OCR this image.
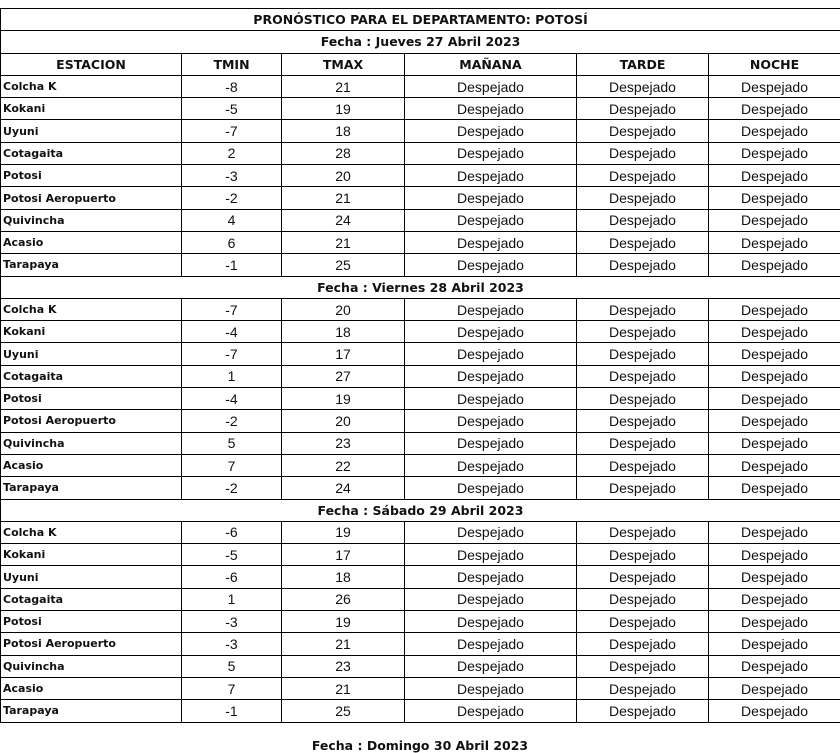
PRONÓSTICO PARA EL DEPARTAMENTO: POTOSÍ					
Fecha : Jueves 27 Abril 2023					
ESTACION	TMIN	TMAX	MAÑANA	TARDE	NOCHE
Colcha K	-8	21	Despejado	Despejado	Despejado
Kokani	-5	19	Despejado	Despejado	Despejado
Uyuni	-7	18	Despejado	Despejado	Despejado
Cotagaita	2	28	Despejado	Despejado	Despejado
Potosi	-3	20	Despejado	Despejado	Despejado
Potosi Aeropuerto	-2	21	Despejado	Despejado	Despejado
Quivincha	4	24	Despejado	Despejado	Despejado
Acasio	6	21	Despejado	Despejado	Despejado
Tarapaya	-1	25	Despejado	Despejado	Despejado
Fecha : Viernes 28 Abril 2023					
Colcha K	-7	20	Despejado	Despejado	Despejado
Kokani	-4	18	Despejado	Despejado	Despejado
Uyuni	-7	17	Despejado	Despejado	Despejado
Cotagaita	1	27	Despejado	Despejado	Despejado
Potosi	-4	19	Despejado	Despejado	Despejado
Potosi Aeropuerto	-2	20	Despejado	Despejado	Despejado
Quivincha	5	23	Despejado	Despejado	Despejado
Acasio	7	22	Despejado	Despejado	Despejado
Tarapaya	-2	24	Despejado	Despejado	Despejado
Fecha : Sábado 29 Abril 2023					
Colcha K	-6	19	Despejado	Despejado	Despejado
Kokani	-5	17	Despejado	Despejado	Despejado
Uyuni	-6	18	Despejado	Despejado	Despejado
Cotagaita	1	26	Despejado	Despejado	Despejado
Potosi	-3	19	Despejado	Despejado	Despejado
Potosi Aeropuerto	-3	21	Despejado	Despejado	Despejado
Quivincha	5	23	Despejado	Despejado	Despejado
Acasio	7	21	Despejado	Despejado	Despejado
Tarapaya	-1	25	Despejado	Despejado	Despejado
Fecha : Domingo 30 Abril 2023
